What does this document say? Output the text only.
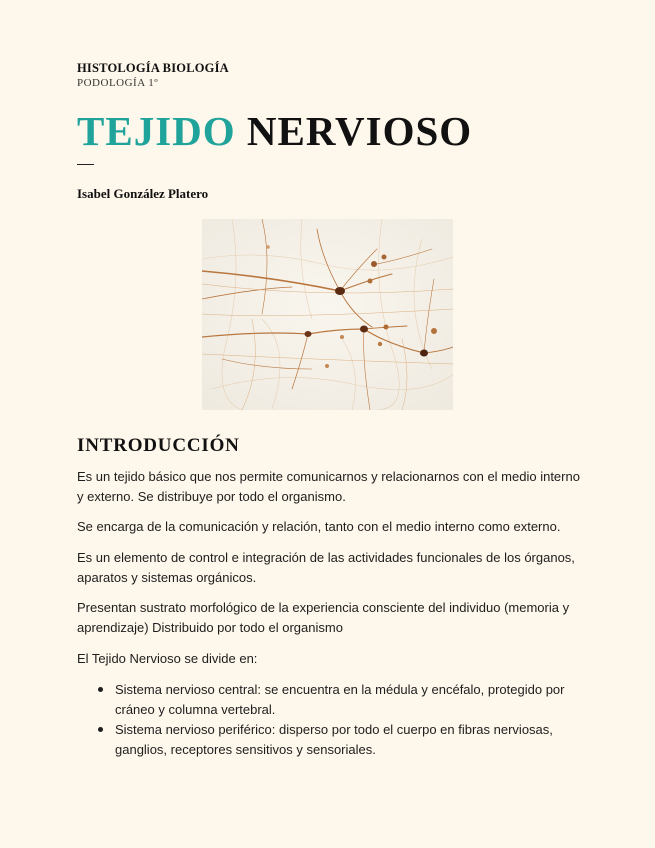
HISTOLOGÍA BIOLOGÍA
PODOLOGÍA 1º
TEJIDO NERVIOSO
Isabel González Platero
INTRODUCCIÓN

Es un tejido básico que nos permite comunicarnos y relacionarnos con el medio interno y externo. Se distribuye por todo el organismo.

Se encarga de la comunicación y relación, tanto con el medio interno como externo.

Es un elemento de control e integración de las actividades funcionales de los órganos, aparatos y sistemas orgánicos.

Presentan sustrato morfológico de la experiencia consciente del individuo (memoria y aprendizaje) Distribuido por todo el organismo

El Tejido Nervioso se divide en:

Sistema nervioso central: se encuentra en la médula y encéfalo, protegido por cráneo y columna vertebral.
Sistema nervioso periférico: disperso por todo el cuerpo en fibras nerviosas, ganglios, receptores sensitivos y sensoriales.
